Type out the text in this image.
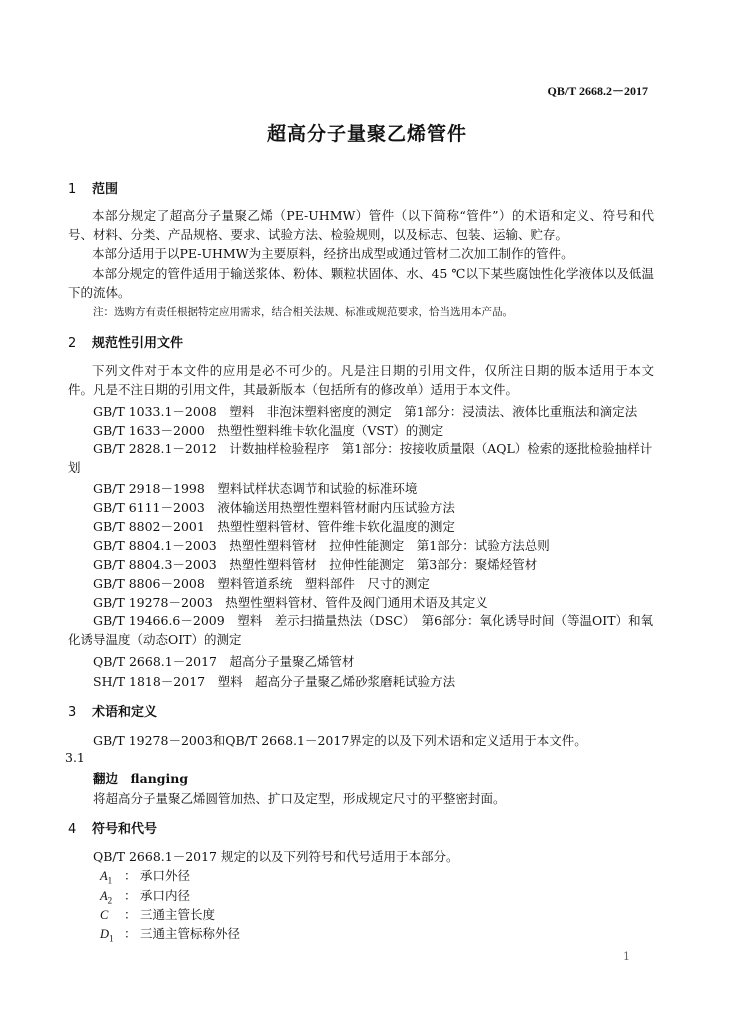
QB/T 2668.2－2017
超高分子量聚乙烯管件
1 范围
本部分规定了超高分子量聚乙烯（PE-UHMW）管件（以下简称“管件”）的术语和定义、符号和代号、材料、分类、产品规格、要求、试验方法、检验规则，以及标志、包装、运输、贮存。
本部分适用于以PE-UHMW为主要原料，经挤出成型或通过管材二次加工制作的管件。
本部分规定的管件适用于输送浆体、粉体、颗粒状固体、水、45 ℃以下某些腐蚀性化学液体以及低温下的流体。
注：选购方有责任根据特定应用需求，结合相关法规、标准或规范要求，恰当选用本产品。
2 规范性引用文件
下列文件对于本文件的应用是必不可少的。凡是注日期的引用文件，仅所注日期的版本适用于本文件。凡是不注日期的引用文件，其最新版本（包括所有的修改单）适用于本文件。
GB/T 1033.1－2008　塑料　非泡沫塑料密度的测定　第1部分：浸渍法、液体比重瓶法和滴定法
GB/T 1633－2000　热塑性塑料维卡软化温度（VST）的测定
GB/T 2828.1－2012　计数抽样检验程序　第1部分：按接收质量限（AQL）检索的逐批检验抽样计划
GB/T 2918－1998　塑料试样状态调节和试验的标准环境
GB/T 6111－2003　液体输送用热塑性塑料管材耐内压试验方法
GB/T 8802－2001　热塑性塑料管材、管件维卡软化温度的测定
GB/T 8804.1－2003　热塑性塑料管材　拉伸性能测定　第1部分：试验方法总则
GB/T 8804.3－2003　热塑性塑料管材　拉伸性能测定　第3部分：聚烯烃管材
GB/T 8806－2008　塑料管道系统　塑料部件　尺寸的测定
GB/T 19278－2003　热塑性塑料管材、管件及阀门通用术语及其定义
GB/T 19466.6－2009　塑料　差示扫描量热法（DSC）　第6部分：氧化诱导时间（等温OIT）和氧化诱导温度（动态OIT）的测定
QB/T 2668.1－2017　超高分子量聚乙烯管材
SH/T 1818－2017　塑料　超高分子量聚乙烯砂浆磨耗试验方法
3 术语和定义
GB/T 19278－2003和QB/T 2668.1－2017界定的以及下列术语和定义适用于本文件。
3.1
翻边　flanging
将超高分子量聚乙烯圆管加热、扩口及定型，形成规定尺寸的平整密封面。
4 符号和代号
QB/T 2668.1－2017 规定的以及下列符号和代号适用于本部分。
$A_1$ ： 承口外径
$A_2$ ： 承口内径
C ： 三通主管长度
$D_1$ ： 三通主管标称外径
1
